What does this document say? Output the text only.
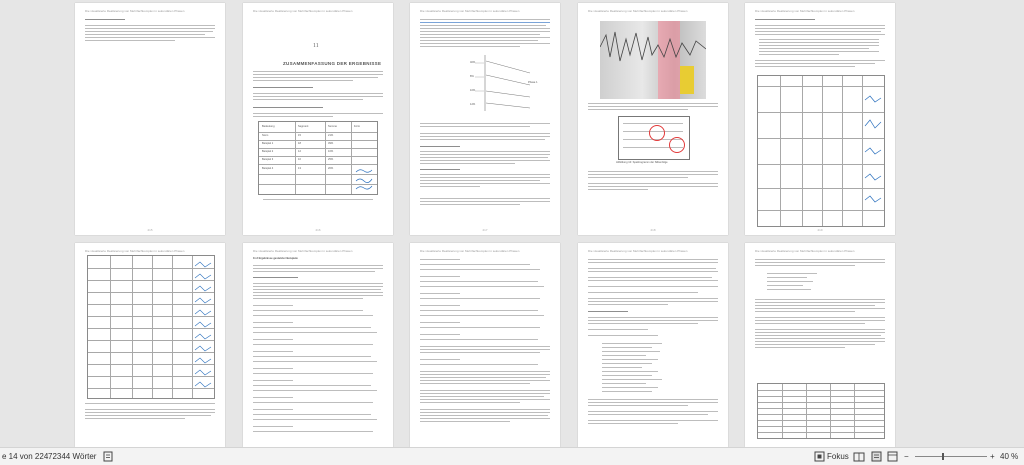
Die visualisierte Realisierung von Mehrfachkomplex in sekundären Phasen
215
Die visualisierte Realisierung von Mehrfachkomplex in sekundären Phasen
11
ZUSAMMENFASSUNG DER ERGEBNISSE
Bedeutung	Segment	Summe	Form
Norm	15	21%
Beispiel 1	18	39%
Beispiel 2	12	10%
Beispiel 3	10	25%
Beispiel 4	13	20%
216
Die visualisierte Realisierung von Mehrfachkomplex in sekundären Phasen
40%
8%
10%
12%
Phase 1
217
Die visualisierte Realisierung von Mehrfachkomplex in sekundären Phasen
Abbildung 10: Spektrogramm der Silbenfolge
218
Die visualisierte Realisierung von Mehrfachkomplex in sekundären Phasen
219
Die visualisierte Realisierung von Mehrfachkomplex in sekundären Phasen	Die visualisierte Realisierung von Mehrfachkomplex in sekundären Phasen
11.2 Ergebnisse gestutzter Beispiele
Die visualisierte Realisierung von Mehrfachkomplex in sekundären Phasen	Die visualisierte Realisierung von Mehrfachkomplex in sekundären Phasen	Die visualisierte Realisierung von Mehrfachkomplex in sekundären Phasen
e 14 von 224 72344 Wörter	Fokus	−	+ 40 %
